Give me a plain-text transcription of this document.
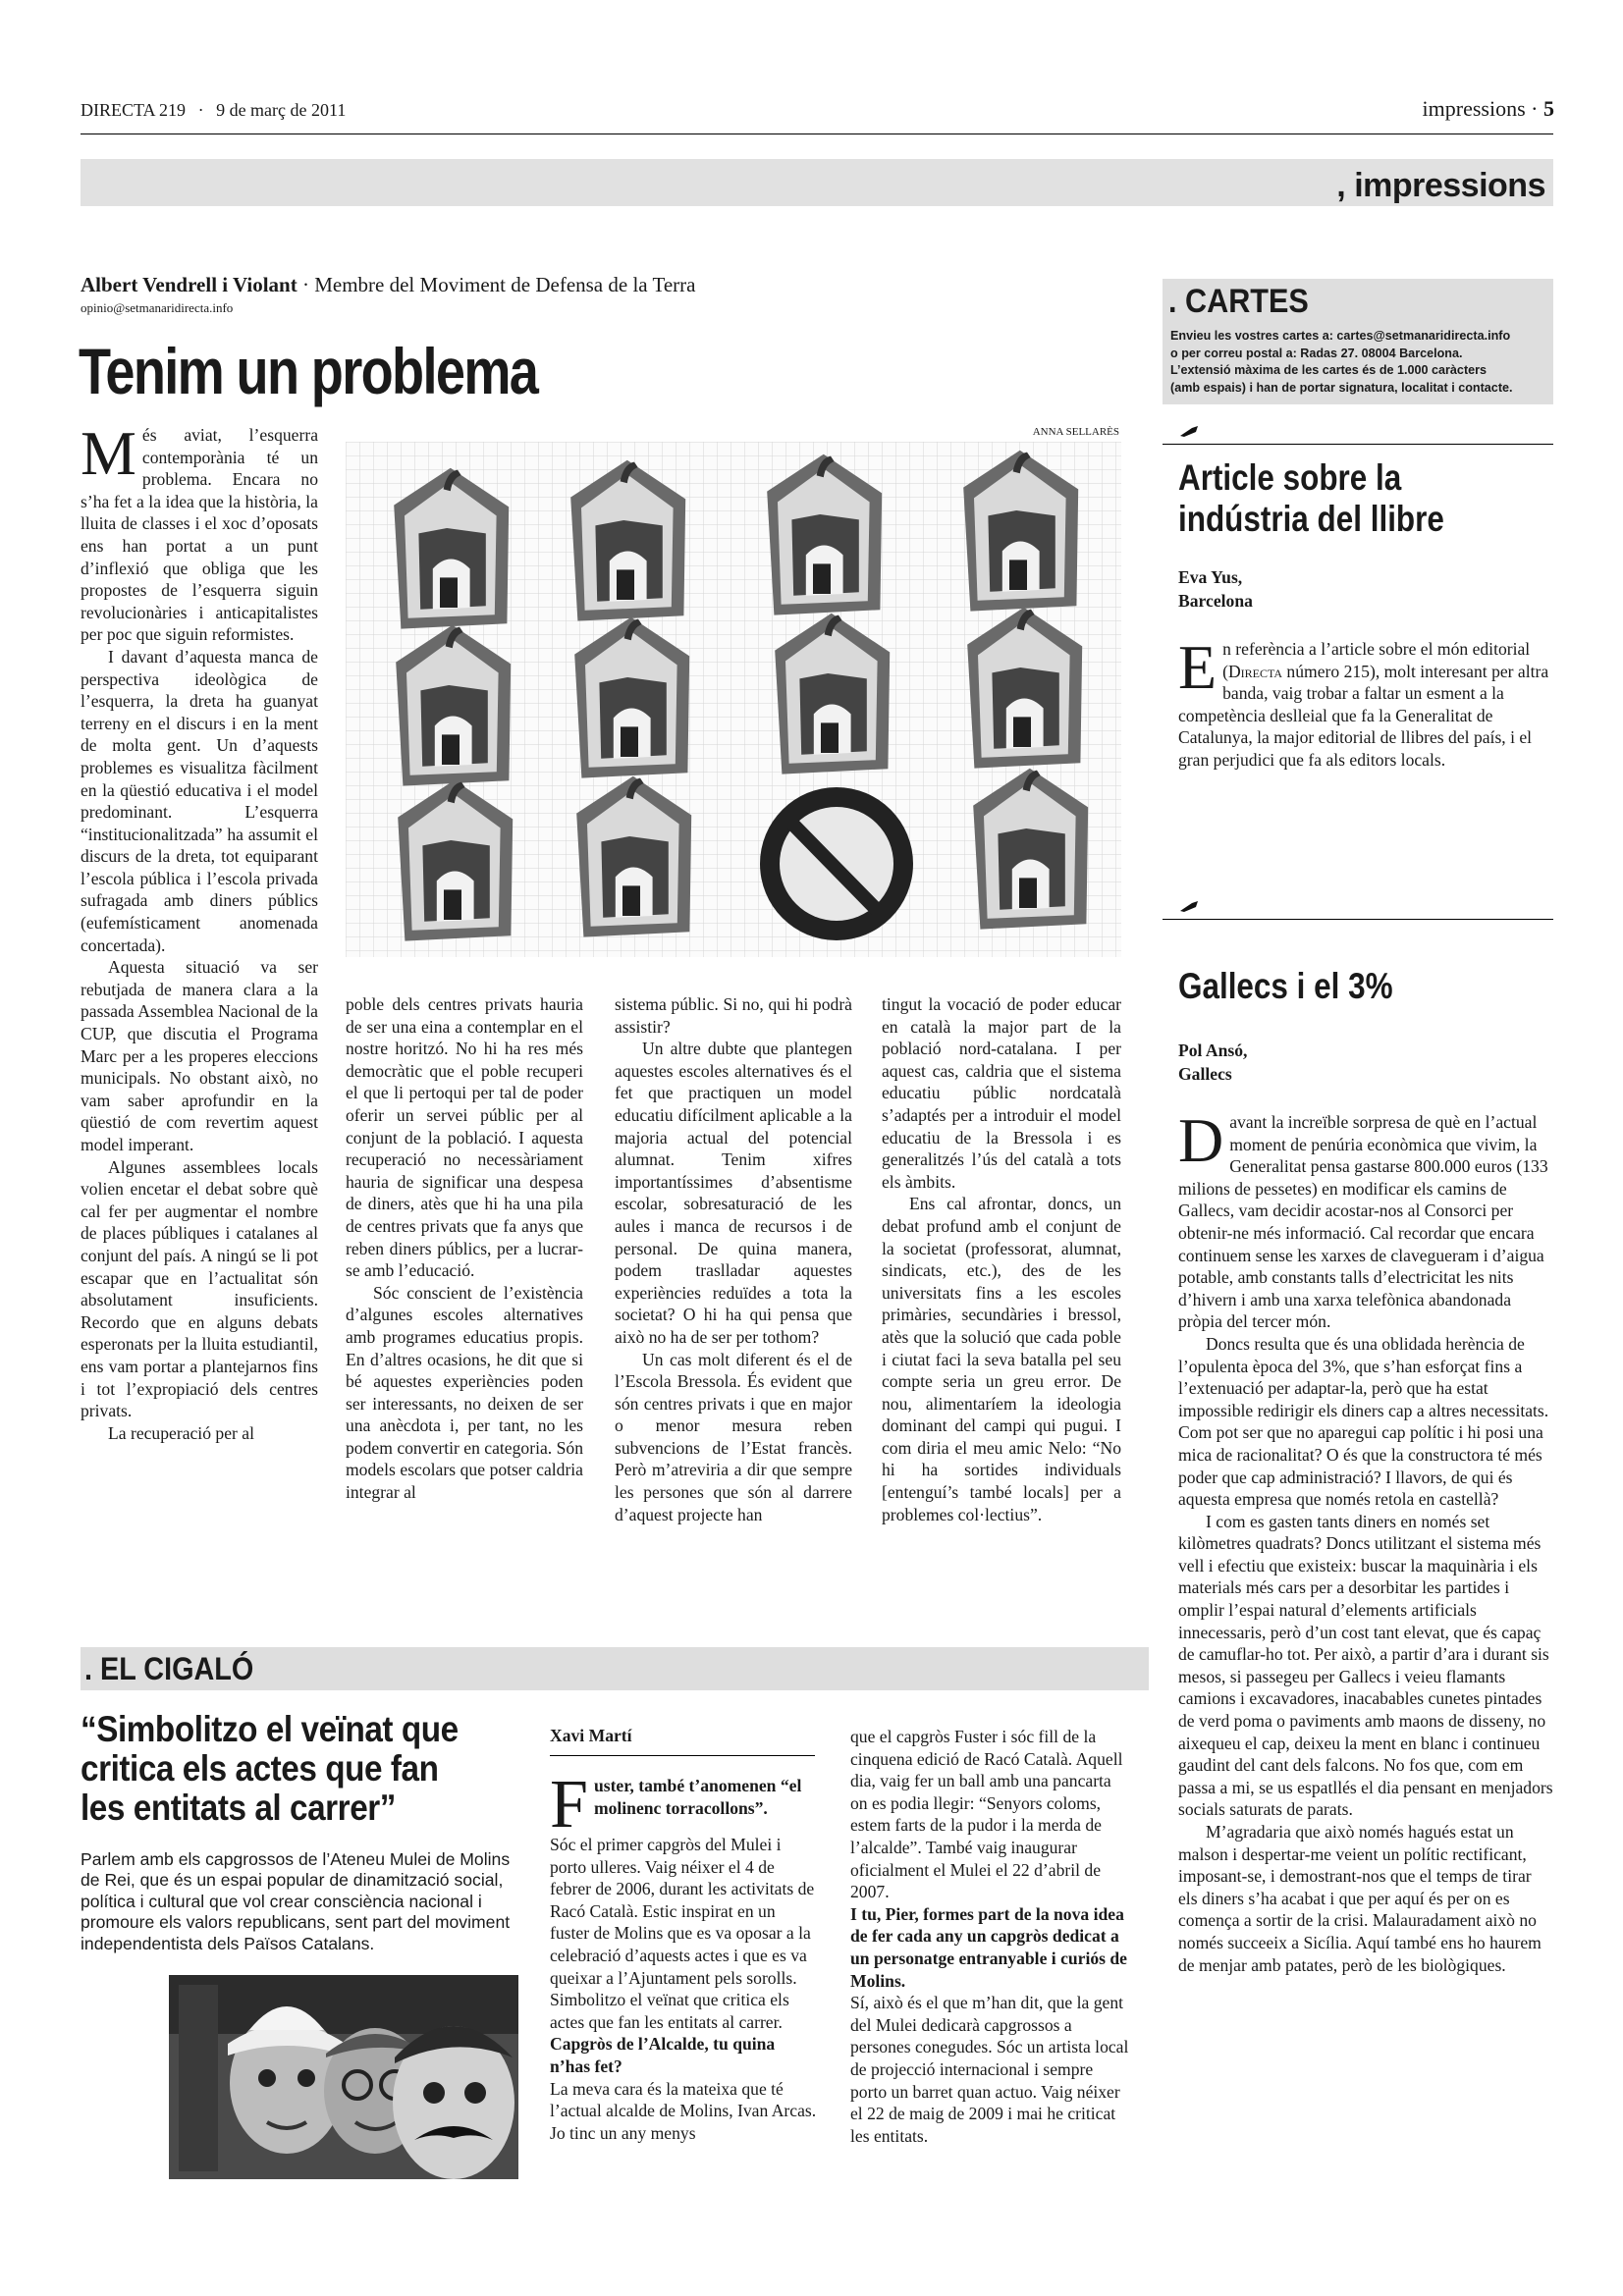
DIRECTA 219 · 9 de març de 2011	impressions · 5
, impressions
Albert Vendrell i Violant · Membre del Moviment de Defensa de la Terra
opinio@setmanaridirecta.info
Tenim un problema
ANNA SELLARÈS
M és aviat, l’esquerra contemporània té un problema. Encara no s’ha fet a la idea que la història, la lluita de classes i el xoc d’oposats ens han portat a un punt d’inflexió que obliga que les propostes de l’esquerra siguin revolucionàries i anticapitalistes per poc que siguin reformistes.

I davant d’aquesta manca de perspectiva ideològica de l’esquerra, la dreta ha guanyat terreny en el discurs i en la ment de molta gent. Un d’aquests problemes es visualitza fàcilment en la qüestió educativa i el model predominant. L’esquerra “institucionalitzada” ha assumit el discurs de la dreta, tot equiparant l’escola pública i l’escola privada sufragada amb diners públics (eufemísticament anomenada concertada).

Aquesta situació va ser rebutjada de manera clara a la passada Assemblea Nacional de la CUP, que discutia el Programa Marc per a les properes eleccions municipals. No obstant això, no vam saber aprofundir en la qüestió de com revertim aquest model imperant.

Algunes assemblees locals volien encetar el debat sobre què cal fer per augmentar el nombre de places públiques i catalanes al conjunt del país. A ningú se li pot escapar que en l’actualitat són absolutament insuficients. Recordo que en alguns debats esperonats per la lluita estudiantil, ens vam portar a plantejarnos fins i tot l’expropiació dels centres privats.

La recuperació per al

poble dels centres privats hauria de ser una eina a contemplar en el nostre horitzó. No hi ha res més democràtic que el poble recuperi el que li pertoqui per tal de poder oferir un servei públic per al conjunt de la població. I aquesta recuperació no necessàriament hauria de significar una despesa de diners, atès que hi ha una pila de centres privats que fa anys que reben diners públics, per a lucrar-se amb l’educació.

Sóc conscient de l’existència d’algunes escoles alternatives amb programes educatius propis. En d’altres ocasions, he dit que si bé aquestes experiències poden ser interessants, no deixen de ser una anècdota i, per tant, no les podem convertir en categoria. Són models escolars que potser caldria integrar al

sistema públic. Si no, qui hi podrà assistir?

Un altre dubte que plantegen aquestes escoles alternatives és el fet que practiquen un model educatiu difícilment aplicable a la majoria actual del potencial alumnat. Tenim xifres importantíssimes d’absentisme escolar, sobresaturació de les aules i manca de recursos i de personal. De quina manera, podem traslladar aquestes experiències reduïdes a tota la societat? O hi ha qui pensa que això no ha de ser per tothom?

Un cas molt diferent és el de l’Escola Bressola. És evident que són centres privats i que en major o menor mesura reben subvencions de l’Estat francès. Però m’atreviria a dir que sempre les persones que són al darrere d’aquest projecte han

tingut la vocació de poder educar en català la major part de la població nord-catalana. I per aquest cas, caldria que el sistema educatiu públic nordcatalà s’adaptés per a introduir el model educatiu de la Bressola i es generalitzés l’ús del català a tots els àmbits.

Ens cal afrontar, doncs, un debat profund amb el conjunt de la societat (professorat, alumnat, sindicats, etc.), des de les universitats fins a les escoles primàries, secundàries i bressol, atès que la solució que cada poble i ciutat faci la seva batalla pel seu compte seria un greu error. De nou, alimentaríem la ideologia dominant del campi qui pugui. I com diria el meu amic Nelo: “No hi ha sortides individuals [entenguí’s també locals] per a problemes col·lectius”.

. EL CIGALÓ
“Simbolitzo el veïnat que critica els actes que fan les entitats al carrer”
Parlem amb els capgrossos de l’Ateneu Mulei de Molins de Rei, que és un espai popular de dinamització social, política i cultural que vol crear consciència nacional i promoure els valors republicans, sent part del moviment independentista dels Països Catalans.
Xavi Martí
F uster, també t’anomenen “el molinenc torracollons”.

Sóc el primer capgròs del Mulei i porto ulleres. Vaig néixer el 4 de febrer de 2006, durant les activitats de Racó Català. Estic inspirat en un fuster de Molins que es va oposar a la celebració d’aquests actes i que es va queixar a l’Ajuntament pels sorolls. Simbolitzo el veïnat que critica els actes que fan les entitats al carrer.

Capgròs de l’Alcalde, tu quina n’has fet?

La meva cara és la mateixa que té l’actual alcalde de Molins, Ivan Arcas. Jo tinc un any menys

que el capgròs Fuster i sóc fill de la cinquena edició de Racó Català. Aquell dia, vaig fer un ball amb una pancarta on es podia llegir: “Senyors coloms, estem farts de la pudor i la merda de l’alcalde”. També vaig inaugurar oficialment el Mulei el 22 d’abril de 2007.

I tu, Pier, formes part de la nova idea de fer cada any un capgròs dedicat a un personatge entranyable i curiós de Molins.

Sí, això és el que m’han dit, que la gent del Mulei dedicarà capgrossos a persones conegudes. Sóc un artista local de projecció internacional i sempre porto un barret quan actuo. Vaig néixer el 22 de maig de 2009 i mai he criticat les entitats.

. CARTES
Envieu les vostres cartes a: cartes@setmanaridirecta.info
o per correu postal a: Radas 27. 08004 Barcelona.
L’extensió màxima de les cartes és de 1.000 caràcters
(amb espais) i han de portar signatura, localitat i contacte.
Article sobre la indústria del llibre
Eva Yus,
Barcelona
E n referència a l’article sobre el món editorial (Directa número 215), molt interesant per altra banda, vaig trobar a faltar un esment a la competència deslleial que fa la Generalitat de Catalunya, la major editorial de llibres del país, i el gran perjudici que fa als editors locals.
Gallecs i el 3%
Pol Ansó,
Gallecs
D avant la increïble sorpresa de què en l’actual moment de penúria econòmica que vivim, la Generalitat pensa gastarse 800.000 euros (133 milions de pessetes) en modificar els camins de Gallecs, vam decidir acostar-nos al Consorci per obtenir-ne més informació. Cal recordar que encara continuem sense les xarxes de clavegueram i d’aigua potable, amb constants talls d’electricitat les nits d’hivern i amb una xarxa telefònica abandonada pròpia del tercer món.

Doncs resulta que és una oblidada herència de l’opulenta època del 3%, que s’han esforçat fins a l’extenuació per adaptar-la, però que ha estat impossible redirigir els diners cap a altres necessitats. Com pot ser que no aparegui cap polític i hi posi una mica de racionalitat? O és que la constructora té més poder que cap administració? I llavors, de qui és aquesta empresa que només retola en castellà?

I com es gasten tants diners en només set kilòmetres quadrats? Doncs utilitzant el sistema més vell i efectiu que existeix: buscar la maquinària i els materials més cars per a desorbitar les partides i omplir l’espai natural d’elements artificials innecessaris, però d’un cost tant elevat, que és capaç de camuflar-ho tot. Per això, a partir d’ara i durant sis mesos, si passegeu per Gallecs i veieu flamants camions i excavadores, inacabables cunetes pintades de verd poma o paviments amb maons de disseny, no aixequeu el cap, deixeu la ment en blanc i continueu gaudint del cant dels falcons. No fos que, com em passa a mi, se us espatllés el dia pensant en menjadors socials saturats de parats.

M’agradaria que això només hagués estat un malson i despertar-me veient un polític rectificant, imposant-se, i demostrant-nos que el temps de tirar els diners s’ha acabat i que per aquí és per on es comença a sortir de la crisi. Malauradament això no només succeeix a Sicília. Aquí també ens ho haurem de menjar amb patates, però de les biològiques.
